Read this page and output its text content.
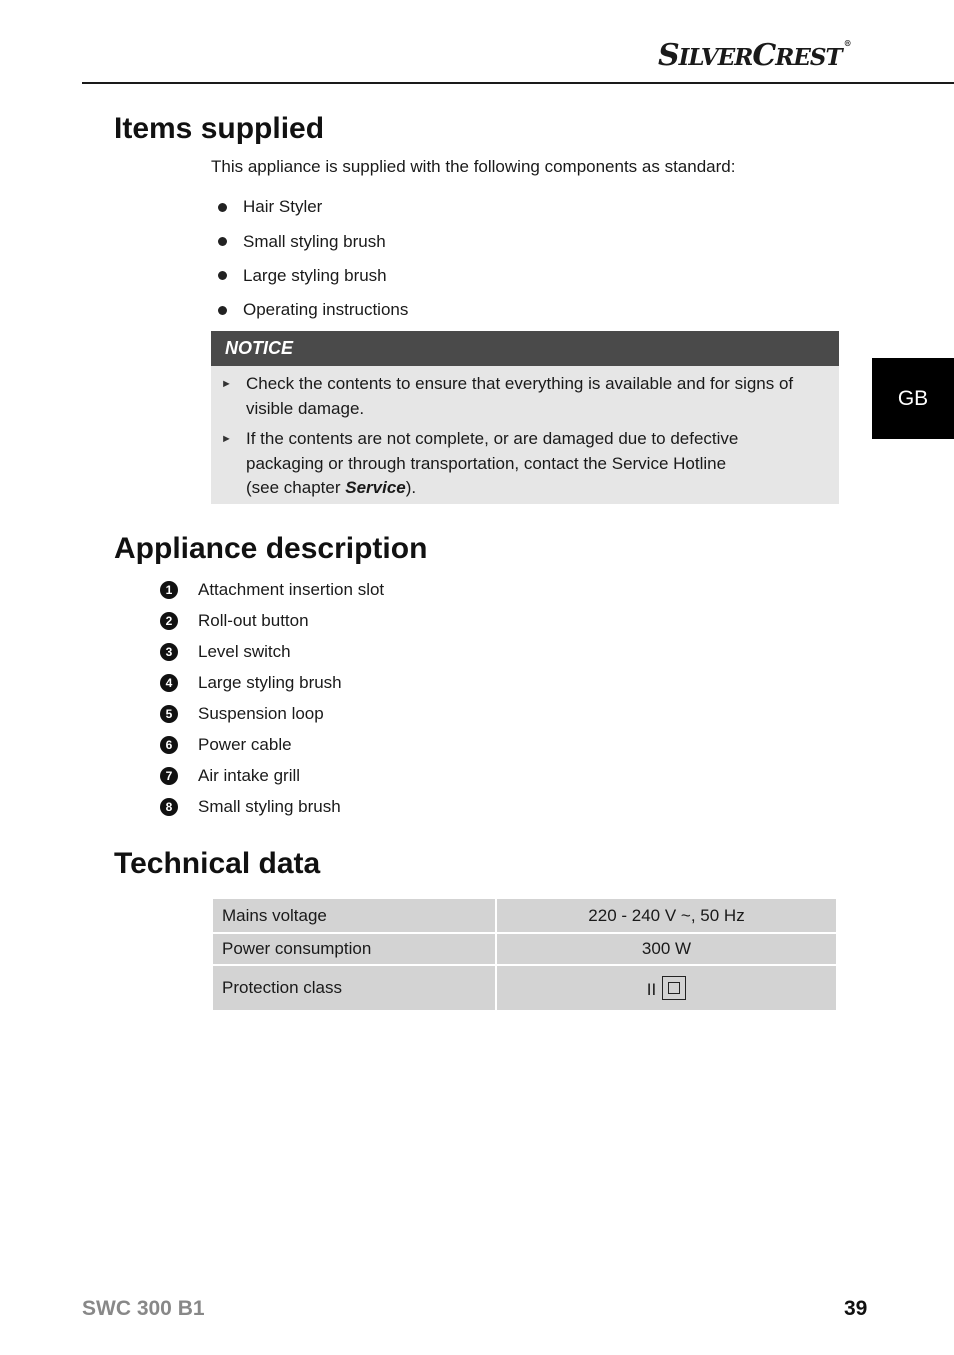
SILVERCREST®
GB
Items supplied

This appliance is supplied with the following components as standard:

Hair Styler
Small styling brush
Large styling brush
Operating instructions
NOTICE
► Check the contents to ensure that everything is available and for signs of visible damage.
► If the contents are not complete, or are damaged due to defective packaging or through transportation, contact the Service Hotline
(see chapter Service).
Appliance description
1	Attachment insertion slot
2	Roll-out button
3	Level switch
4	Large styling brush
5	Suspension loop
6	Power cable
7	Air intake grill
8	Small styling brush
Technical data
Mains voltage	220 - 240 V ~, 50 Hz
Power consumption	300 W
Protection class	II
SWC 300 B1	39
